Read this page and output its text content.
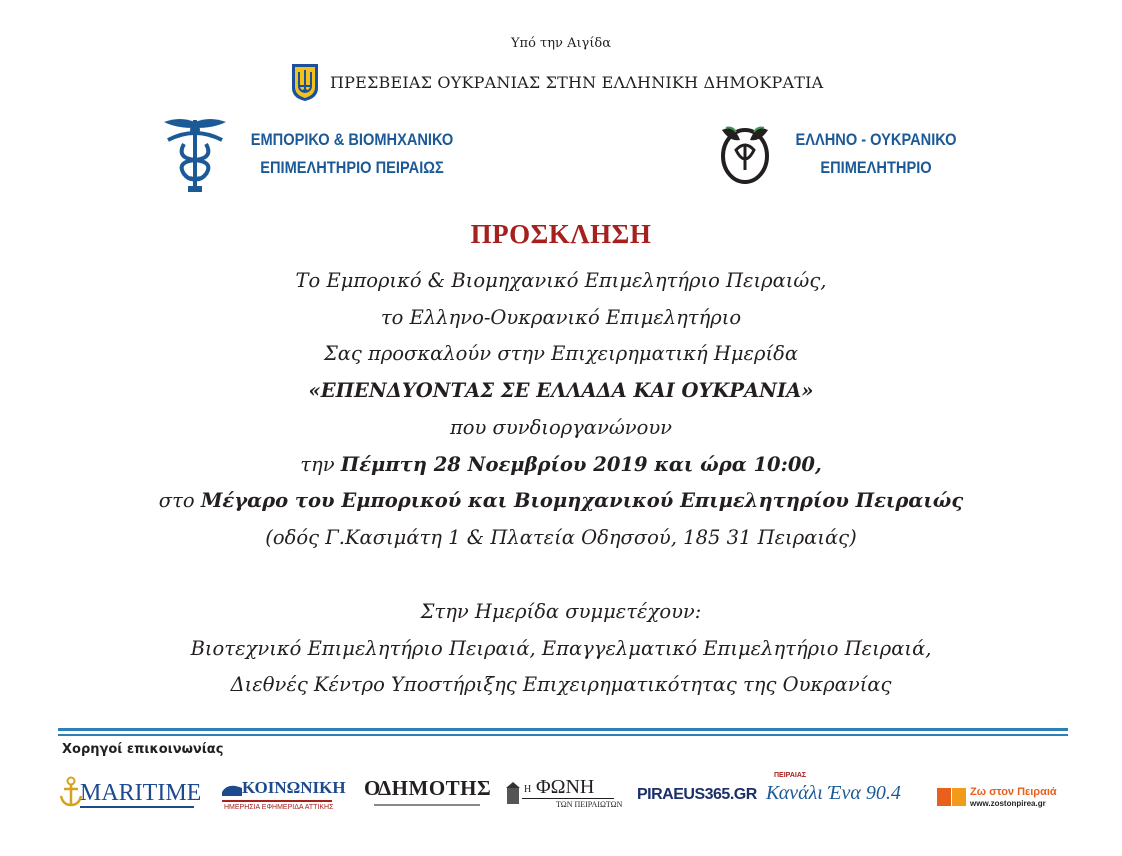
Υπό την Αιγίδα
ΠΡΕΣΒΕΙΑΣ ΟΥΚΡΑΝΙΑΣ ΣΤΗΝ ΕΛΛΗΝΙΚΗ ΔΗΜΟΚΡΑΤΙΑ
ΕΜΠΟΡΙΚΟ & ΒΙΟΜΗΧΑΝΙΚΟ
ΕΠΙΜΕΛΗΤΗΡΙΟ ΠΕΙΡΑΙΩΣ
ΕΛΛΗΝΟ - ΟΥΚΡΑΝΙΚΟ
ΕΠΙΜΕΛΗΤΗΡΙΟ
ΠΡΟΣΚΛΗΣΗ
Το Εμπορικό & Βιομηχανικό Επιμελητήριο Πειραιώς,
το Ελληνο-Ουκρανικό Επιμελητήριο
Σας προσκαλούν στην Επιχειρηματική Ημερίδα
«ΕΠΕΝΔΥΟΝΤΑΣ ΣΕ ΕΛΛΑΔΑ ΚΑΙ ΟΥΚΡΑΝΙΑ»
που συνδιοργανώνουν
την Πέμπτη 28 Νοεμβρίου 2019 και ώρα 10:00,
στο Μέγαρο του Εμπορικού και Βιομηχανικού Επιμελητηρίου Πειραιώς
(οδός Γ.Κασιμάτη 1 & Πλατεία Οδησσού, 185 31 Πειραιάς)
Στην Ημερίδα συμμετέχουν:
Βιοτεχνικό Επιμελητήριο Πειραιά, Επαγγελματικό Επιμελητήριο Πειραιά,
Διεθνές Κέντρο Υποστήριξης Επιχειρηματικότητας της Ουκρανίας
Χορηγοί επικοινωνίας
MARITIME ΚΟΙΝΩΝΙΚΗ
ΗΜΕΡΗΣΙΑ ΕΦΗΜΕΡΙΔΑ ΑΤΤΙΚΗΣ
Ο
ΔΗΜΟΤΗΣ	Η ΦΩΝΗ
ΤΩΝ ΠΕΙΡΑΙΩΤΩΝ
PIRAEUS365.GR
ΠΕΙΡΑΙΑΣ
Κανάλι Ένα 90.4	Ζω στον Πειραιά
www.zostonpirea.gr
